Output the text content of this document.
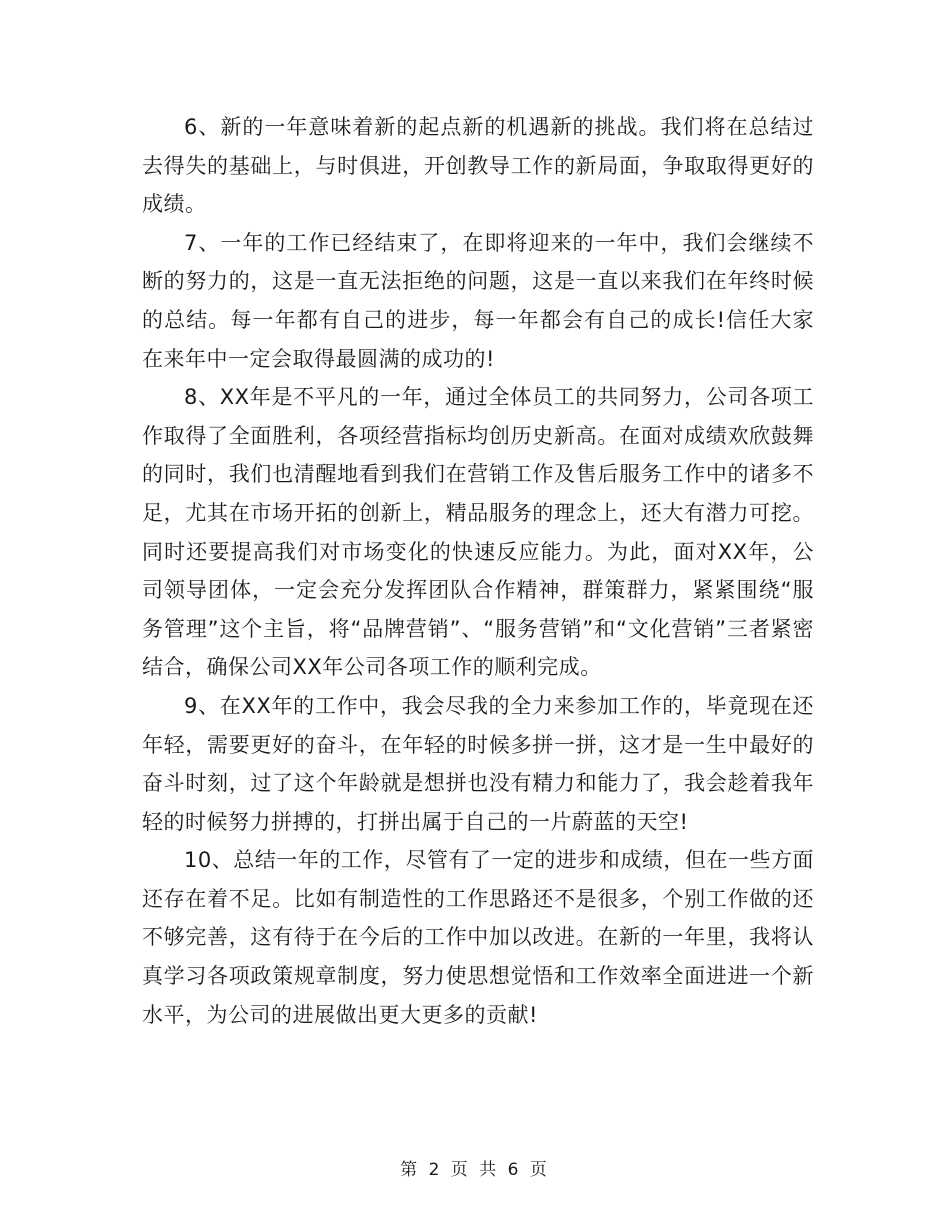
6、新的一年意味着新的起点新的机遇新的挑战。我们将在总结过去得失的基础上，与时俱进，开创教导工作的新局面，争取取得更好的成绩。

7、一年的工作已经结束了，在即将迎来的一年中，我们会继续不断的努力的，这是一直无法拒绝的问题，这是一直以来我们在年终时候的总结。每一年都有自己的进步，每一年都会有自己的成长!信任大家在来年中一定会取得最圆满的成功的!

8、XX年是不平凡的一年，通过全体员工的共同努力，公司各项工作取得了全面胜利，各项经营指标均创历史新高。在面对成绩欢欣鼓舞的同时，我们也清醒地看到我们在营销工作及售后服务工作中的诸多不足，尤其在市场开拓的创新上，精品服务的理念上，还大有潜力可挖。同时还要提高我们对市场变化的快速反应能力。为此，面对XX年，公司领导团体，一定会充分发挥团队合作精神，群策群力，紧紧围绕“服务管理”这个主旨，将“品牌营销”、“服务营销”和“文化营销”三者紧密结合，确保公司XX年公司各项工作的顺利完成。

9、在XX年的工作中，我会尽我的全力来参加工作的，毕竟现在还年轻，需要更好的奋斗，在年轻的时候多拼一拼，这才是一生中最好的奋斗时刻，过了这个年龄就是想拼也没有精力和能力了，我会趁着我年轻的时候努力拼搏的，打拼出属于自己的一片蔚蓝的天空!

10、总结一年的工作，尽管有了一定的进步和成绩，但在一些方面还存在着不足。比如有制造性的工作思路还不是很多，个别工作做的还不够完善，这有待于在今后的工作中加以改进。在新的一年里，我将认真学习各项政策规章制度，努力使思想觉悟和工作效率全面进进一个新水平，为公司的进展做出更大更多的贡献!

第 2 页 共 6 页
